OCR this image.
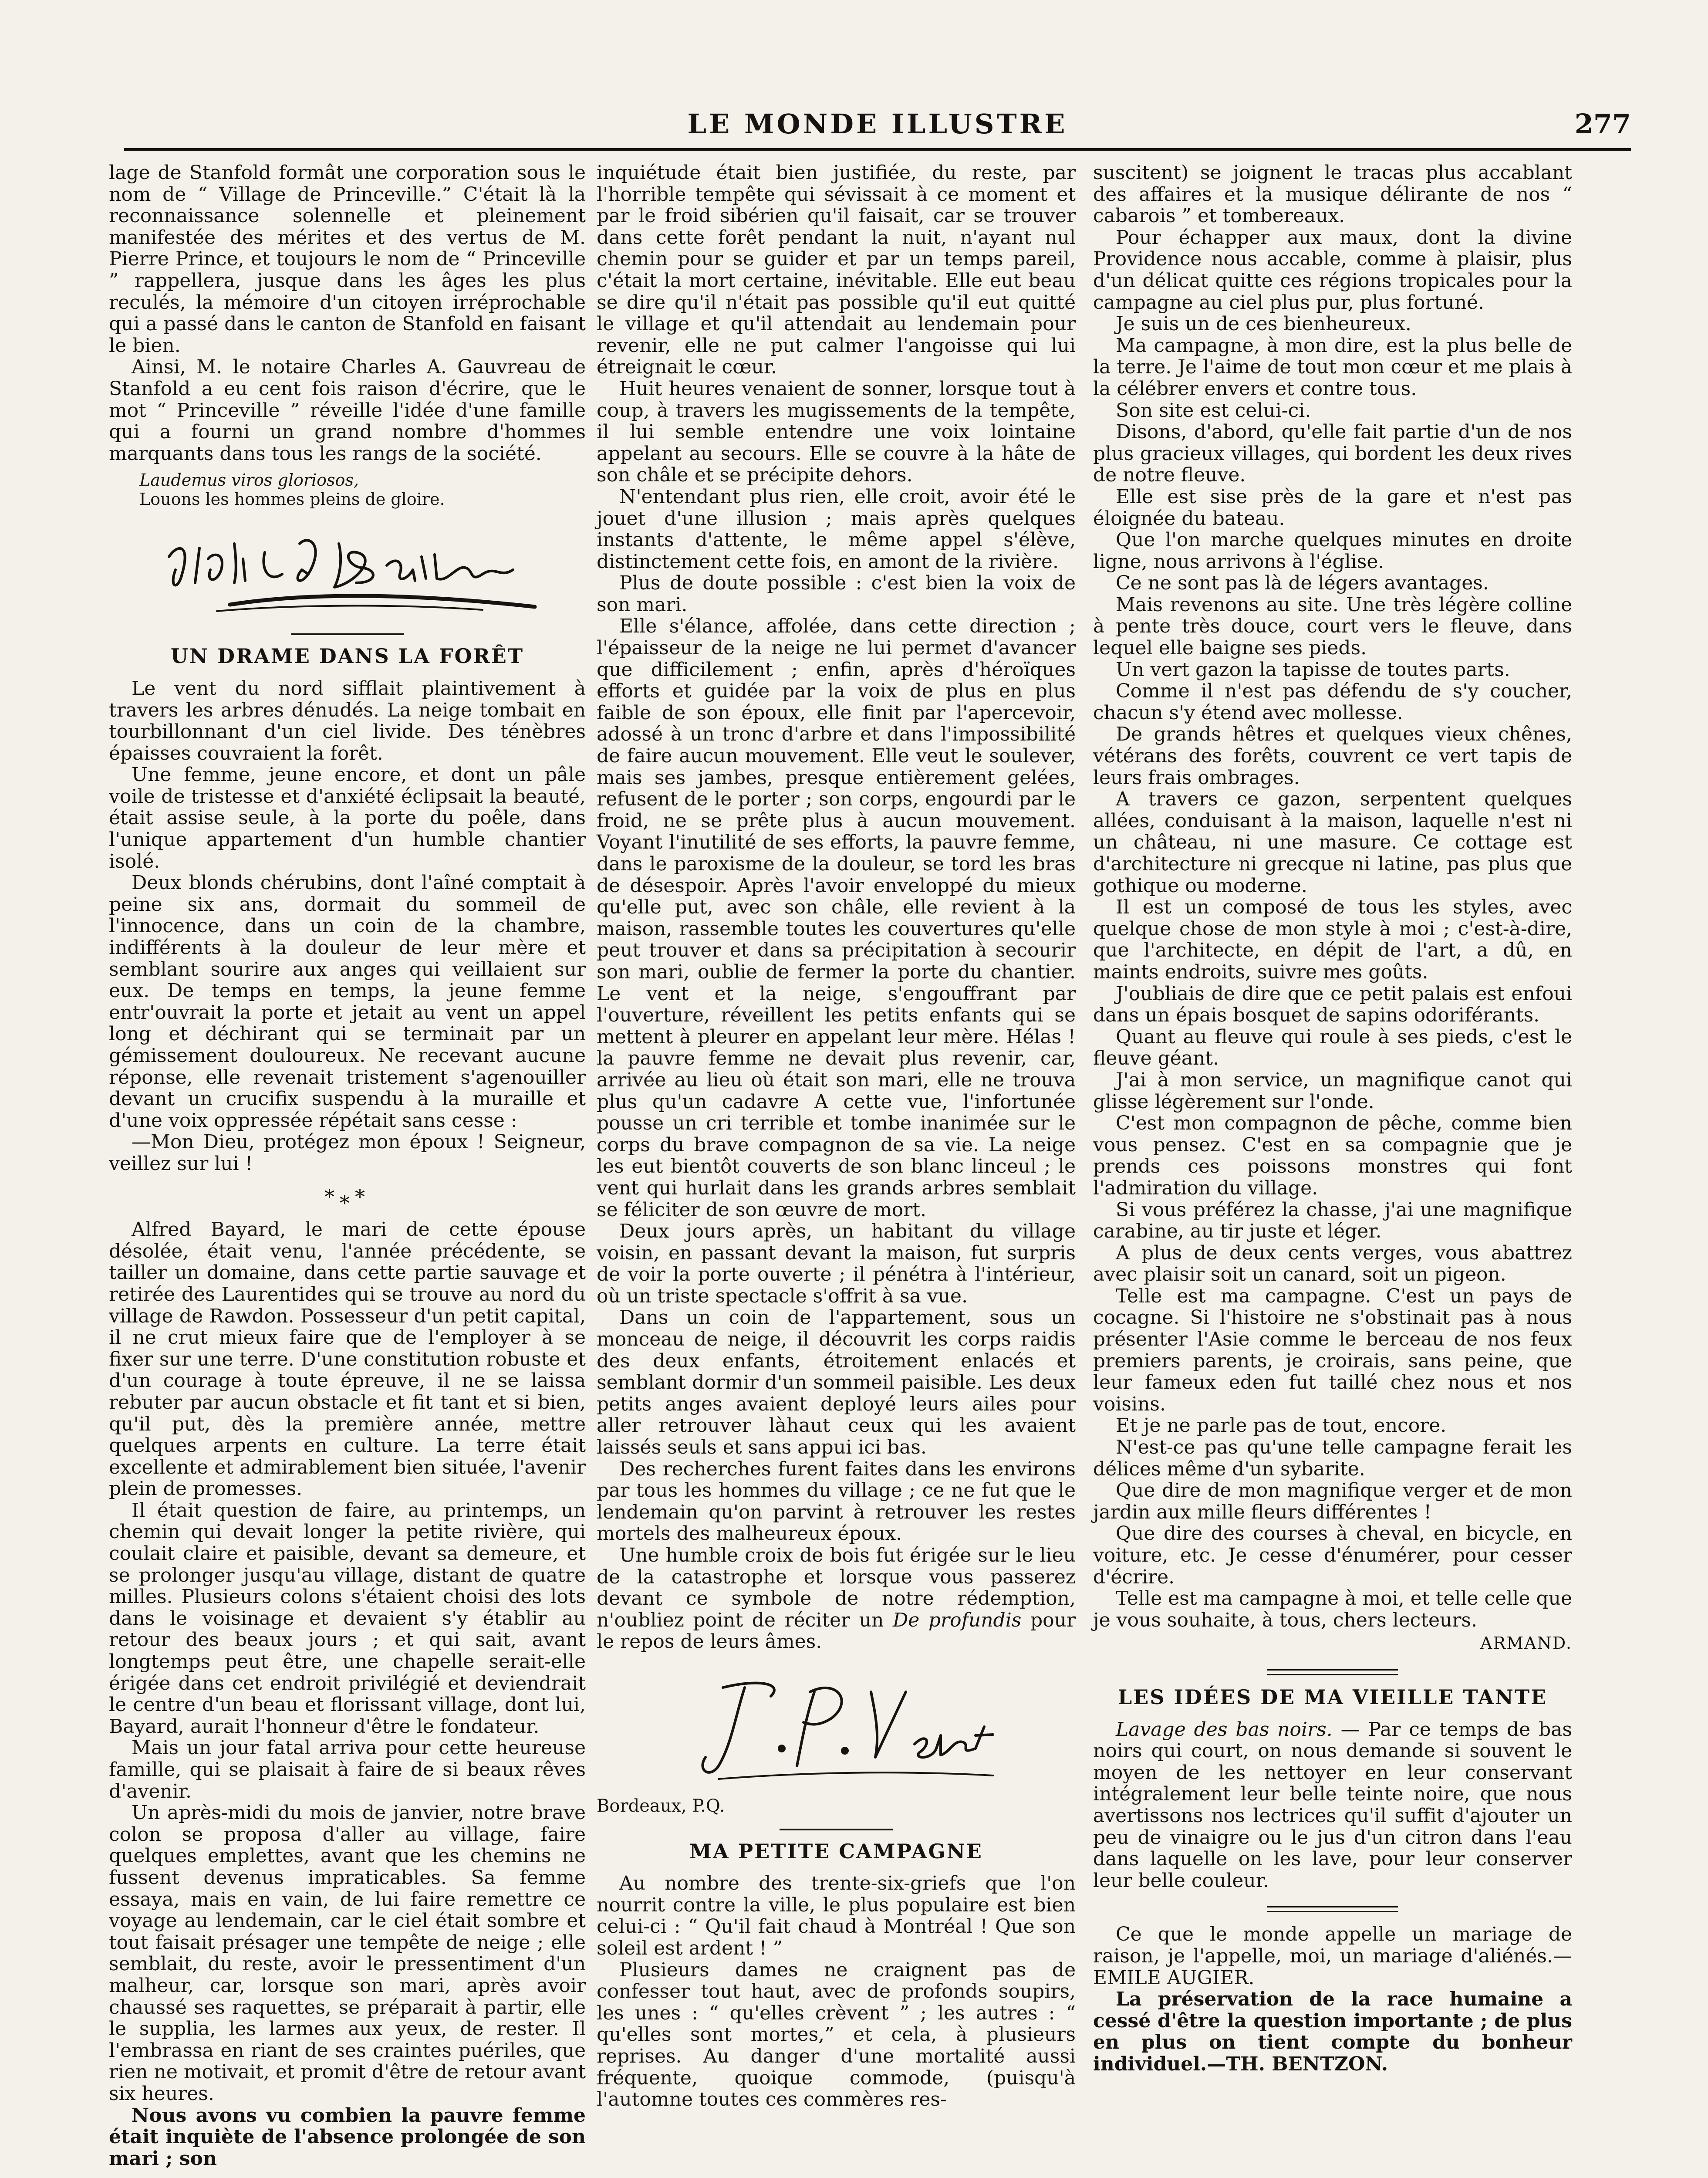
LE MONDE ILLUSTRE	277

lage de Stanfold formât une corporation sous le nom de “ Village de Princeville.” C'était là la reconnaissance solennelle et pleinement manifestée des mérites et des vertus de M. Pierre Prince, et toujours le nom de “ Princeville ” rappellera, jusque dans les âges les plus reculés, la mémoire d'un citoyen irréprochable qui a passé dans le canton de Stanfold en faisant le bien.

Ainsi, M. le notaire Charles A. Gauvreau de Stanfold a eu cent fois raison d'écrire, que le mot “ Princeville ” réveille l'idée d'une famille qui a fourni un grand nombre d'hommes marquants dans tous les rangs de la société.

Laudemus viros gloriosos,
Louons les hommes pleins de gloire.
UN DRAME DANS LA FORÊT

Le vent du nord sifflait plaintivement à travers les arbres dénudés. La neige tombait en tourbillonnant d'un ciel livide. Des ténèbres épaisses couvraient la forêt.

Une femme, jeune encore, et dont un pâle voile de tristesse et d'anxiété éclipsait la beauté, était assise seule, à la porte du poêle, dans l'unique appartement d'un humble chantier isolé.

Deux blonds chérubins, dont l'aîné comptait à peine six ans, dormait du sommeil de l'innocence, dans un coin de la chambre, indifférents à la douleur de leur mère et semblant sourire aux anges qui veillaient sur eux. De temps en temps, la jeune femme entr'ouvrait la porte et jetait au vent un appel long et déchirant qui se terminait par un gémissement douloureux. Ne recevant aucune réponse, elle revenait tristement s'agenouiller devant un crucifix suspendu à la muraille et d'une voix oppressée répétait sans cesse :

—Mon Dieu, protégez mon époux ! Seigneur, veillez sur lui !

*⁎*

Alfred Bayard, le mari de cette épouse désolée, était venu, l'année précédente, se tailler un domaine, dans cette partie sauvage et retirée des Laurentides qui se trouve au nord du village de Rawdon. Possesseur d'un petit capital, il ne crut mieux faire que de l'employer à se fixer sur une terre. D'une constitution robuste et d'un courage à toute épreuve, il ne se laissa rebuter par aucun obstacle et fit tant et si bien, qu'il put, dès la première année, mettre quelques arpents en culture. La terre était excellente et admirablement bien située, l'avenir plein de promesses.

Il était question de faire, au printemps, un chemin qui devait longer la petite rivière, qui coulait claire et paisible, devant sa demeure, et se prolonger jusqu'au village, distant de quatre milles. Plusieurs colons s'étaient choisi des lots dans le voisinage et devaient s'y établir au retour des beaux jours ; et qui sait, avant longtemps peut être, une chapelle serait-elle érigée dans cet endroit privilégié et deviendrait le centre d'un beau et florissant village, dont lui, Bayard, aurait l'honneur d'être le fondateur.

Mais un jour fatal arriva pour cette heureuse famille, qui se plaisait à faire de si beaux rêves d'avenir.

Un après-midi du mois de janvier, notre brave colon se proposa d'aller au village, faire quelques emplettes, avant que les chemins ne fussent devenus impraticables. Sa femme essaya, mais en vain, de lui faire remettre ce voyage au lendemain, car le ciel était sombre et tout faisait présager une tempête de neige ; elle semblait, du reste, avoir le pressentiment d'un malheur, car, lorsque son mari, après avoir chaussé ses raquettes, se préparait à partir, elle le supplia, les larmes aux yeux, de rester. Il l'embrassa en riant de ses craintes puériles, que rien ne motivait, et promit d'être de retour avant six heures.

Nous avons vu combien la pauvre femme était inquiète de l'absence prolongée de son mari ; son

inquiétude était bien justifiée, du reste, par l'horrible tempête qui sévissait à ce moment et par le froid sibérien qu'il faisait, car se trouver dans cette forêt pendant la nuit, n'ayant nul chemin pour se guider et par un temps pareil, c'était la mort certaine, inévitable. Elle eut beau se dire qu'il n'était pas possible qu'il eut quitté le village et qu'il attendait au lendemain pour revenir, elle ne put calmer l'angoisse qui lui étreignait le cœur.

Huit heures venaient de sonner, lorsque tout à coup, à travers les mugissements de la tempête, il lui semble entendre une voix lointaine appelant au secours. Elle se couvre à la hâte de son châle et se précipite dehors.

N'entendant plus rien, elle croit, avoir été le jouet d'une illusion ; mais après quelques instants d'attente, le même appel s'élève, distinctement cette fois, en amont de la rivière.

Plus de doute possible : c'est bien la voix de son mari.

Elle s'élance, affolée, dans cette direction ; l'épaisseur de la neige ne lui permet d'avancer que difficilement ; enfin, après d'héroïques efforts et guidée par la voix de plus en plus faible de son époux, elle finit par l'apercevoir, adossé à un tronc d'arbre et dans l'impossibilité de faire aucun mouvement. Elle veut le soulever, mais ses jambes, presque entièrement gelées, refusent de le porter ; son corps, engourdi par le froid, ne se prête plus à aucun mouvement. Voyant l'inutilité de ses efforts, la pauvre femme, dans le paroxisme de la douleur, se tord les bras de désespoir. Après l'avoir enveloppé du mieux qu'elle put, avec son châle, elle revient à la maison, rassemble toutes les couvertures qu'elle peut trouver et dans sa précipitation à secourir son mari, oublie de fermer la porte du chantier. Le vent et la neige, s'engouffrant par l'ouverture, réveillent les petits enfants qui se mettent à pleurer en appelant leur mère. Hélas ! la pauvre femme ne devait plus revenir, car, arrivée au lieu où était son mari, elle ne trouva plus qu'un cadavre A cette vue, l'infortunée pousse un cri terrible et tombe inanimée sur le corps du brave compagnon de sa vie. La neige les eut bientôt couverts de son blanc linceul ; le vent qui hurlait dans les grands arbres semblait se féliciter de son œuvre de mort.

Deux jours après, un habitant du village voisin, en passant devant la maison, fut surpris de voir la porte ouverte ; il pénétra à l'intérieur, où un triste spectacle s'offrit à sa vue.

Dans un coin de l'appartement, sous un monceau de neige, il découvrit les corps raidis des deux enfants, étroitement enlacés et semblant dormir d'un sommeil paisible. Les deux petits anges avaient deployé leurs ailes pour aller retrouver làhaut ceux qui les avaient laissés seuls et sans appui ici bas.

Des recherches furent faites dans les environs par tous les hommes du village ; ce ne fut que le lendemain qu'on parvint à retrouver les restes mortels des malheureux époux.

Une humble croix de bois fut érigée sur le lieu de la catastrophe et lorsque vous passerez devant ce symbole de notre rédemption, n'oubliez point de réciter un De profundis pour le repos de leurs âmes.

Bordeaux, P.Q.
MA PETITE CAMPAGNE

Au nombre des trente-six-griefs que l'on nourrit contre la ville, le plus populaire est bien celui-ci : “ Qu'il fait chaud à Montréal ! Que son soleil est ardent ! ”

Plusieurs dames ne craignent pas de confesser tout haut, avec de profonds soupirs, les unes : “ qu'elles crèvent ” ; les autres : “ qu'elles sont mortes,” et cela, à plusieurs reprises. Au danger d'une mortalité aussi fréquente, quoique commode, (puisqu'à l'automne toutes ces commères res-

suscitent) se joignent le tracas plus accablant des affaires et la musique délirante de nos “ cabarois ” et tombereaux.

Pour échapper aux maux, dont la divine Providence nous accable, comme à plaisir, plus d'un délicat quitte ces régions tropicales pour la campagne au ciel plus pur, plus fortuné.

Je suis un de ces bienheureux.

Ma campagne, à mon dire, est la plus belle de la terre. Je l'aime de tout mon cœur et me plais à la célébrer envers et contre tous.

Son site est celui-ci.

Disons, d'abord, qu'elle fait partie d'un de nos plus gracieux villages, qui bordent les deux rives de notre fleuve.

Elle est sise près de la gare et n'est pas éloignée du bateau.

Que l'on marche quelques minutes en droite ligne, nous arrivons à l'église.

Ce ne sont pas là de légers avantages.

Mais revenons au site. Une très légère colline à pente très douce, court vers le fleuve, dans lequel elle baigne ses pieds.

Un vert gazon la tapisse de toutes parts.

Comme il n'est pas défendu de s'y coucher, chacun s'y étend avec mollesse.

De grands hêtres et quelques vieux chênes, vétérans des forêts, couvrent ce vert tapis de leurs frais ombrages.

A travers ce gazon, serpentent quelques allées, conduisant à la maison, laquelle n'est ni un château, ni une masure. Ce cottage est d'architecture ni grecque ni latine, pas plus que gothique ou moderne.

Il est un composé de tous les styles, avec quelque chose de mon style à moi ; c'est-à-dire, que l'architecte, en dépit de l'art, a dû, en maints endroits, suivre mes goûts.

J'oubliais de dire que ce petit palais est enfoui dans un épais bosquet de sapins odoriférants.

Quant au fleuve qui roule à ses pieds, c'est le fleuve géant.

J'ai à mon service, un magnifique canot qui glisse légèrement sur l'onde.

C'est mon compagnon de pêche, comme bien vous pensez. C'est en sa compagnie que je prends ces poissons monstres qui font l'admiration du village.

Si vous préférez la chasse, j'ai une magnifique carabine, au tir juste et léger.

A plus de deux cents verges, vous abattrez avec plaisir soit un canard, soit un pigeon.

Telle est ma campagne. C'est un pays de cocagne. Si l'histoire ne s'obstinait pas à nous présenter l'Asie comme le berceau de nos feux premiers parents, je croirais, sans peine, que leur fameux eden fut taillé chez nous et nos voisins.

Et je ne parle pas de tout, encore.

N'est-ce pas qu'une telle campagne ferait les délices même d'un sybarite.

Que dire de mon magnifique verger et de mon jardin aux mille fleurs différentes !

Que dire des courses à cheval, en bicycle, en voiture, etc. Je cesse d'énumérer, pour cesser d'écrire.

Telle est ma campagne à moi, et telle celle que je vous souhaite, à tous, chers lecteurs.

ARMAND.
LES IDÉES DE MA VIEILLE TANTE

Lavage des bas noirs. — Par ce temps de bas noirs qui court, on nous demande si souvent le moyen de les nettoyer en leur conservant intégralement leur belle teinte noire, que nous avertissons nos lectrices qu'il suffit d'ajouter un peu de vinaigre ou le jus d'un citron dans l'eau dans laquelle on les lave, pour leur conserver leur belle couleur.

Ce que le monde appelle un mariage de raison, je l'appelle, moi, un mariage d'aliénés.—EMILE AUGIER.

La préservation de la race humaine a cessé d'être la question importante ; de plus en plus on tient compte du bonheur individuel.—TH. BENTZON.
